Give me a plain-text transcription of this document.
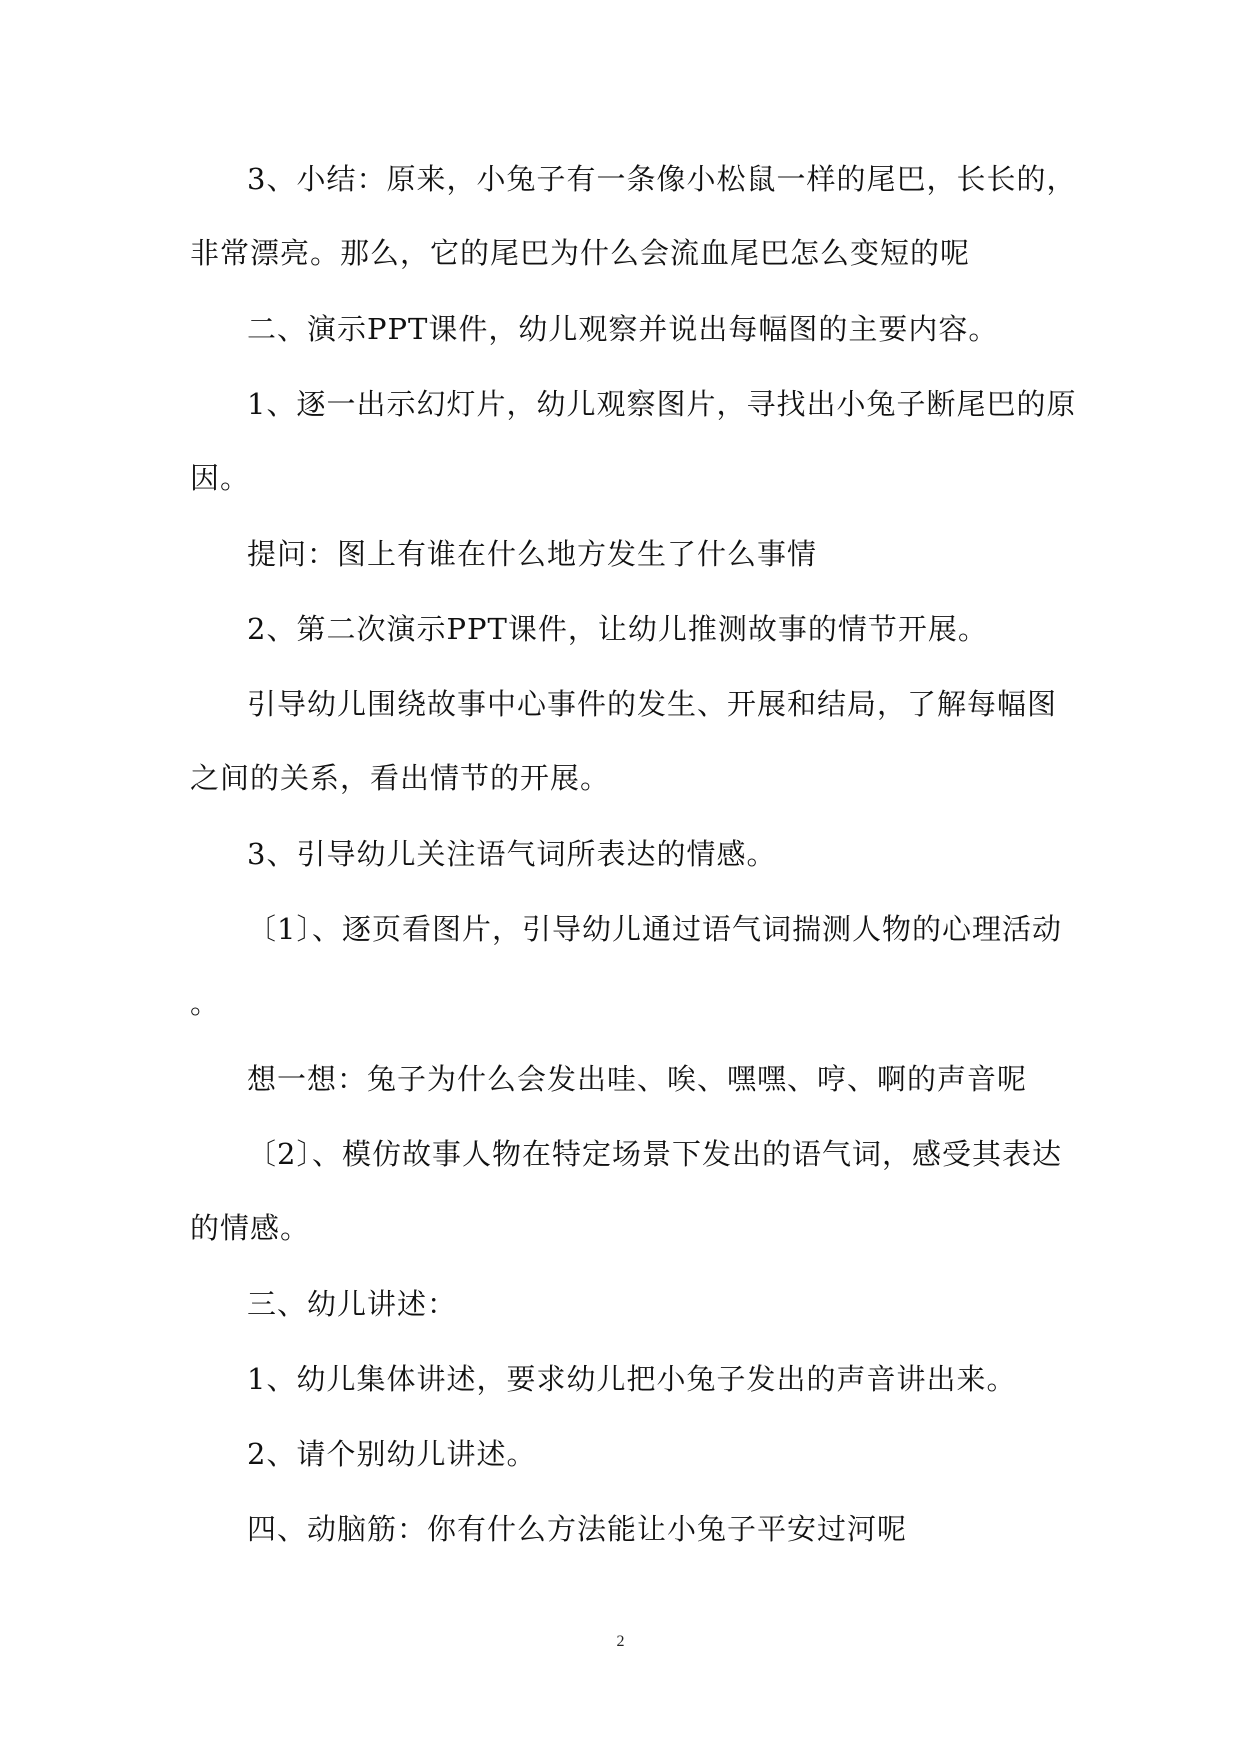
3、小结：原来，小兔子有一条像小松鼠一样的尾巴，长长的，
非常漂亮。那么，它的尾巴为什么会流血尾巴怎么变短的呢
二、演示PPT课件，幼儿观察并说出每幅图的主要内容。
1、逐一出示幻灯片，幼儿观察图片，寻找出小兔子断尾巴的原
因。
提问：图上有谁在什么地方发生了什么事情
2、第二次演示PPT课件，让幼儿推测故事的情节开展。
引导幼儿围绕故事中心事件的发生、开展和结局，了解每幅图
之间的关系，看出情节的开展。
3、引导幼儿关注语气词所表达的情感。
〔1〕、逐页看图片，引导幼儿通过语气词揣测人物的心理活动
。
想一想：兔子为什么会发出哇、唉、嘿嘿、哼、啊的声音呢
〔2〕、模仿故事人物在特定场景下发出的语气词，感受其表达
的情感。
三、幼儿讲述：
1、幼儿集体讲述，要求幼儿把小兔子发出的声音讲出来。
2、请个别幼儿讲述。
四、动脑筋：你有什么方法能让小兔子平安过河呢
2
